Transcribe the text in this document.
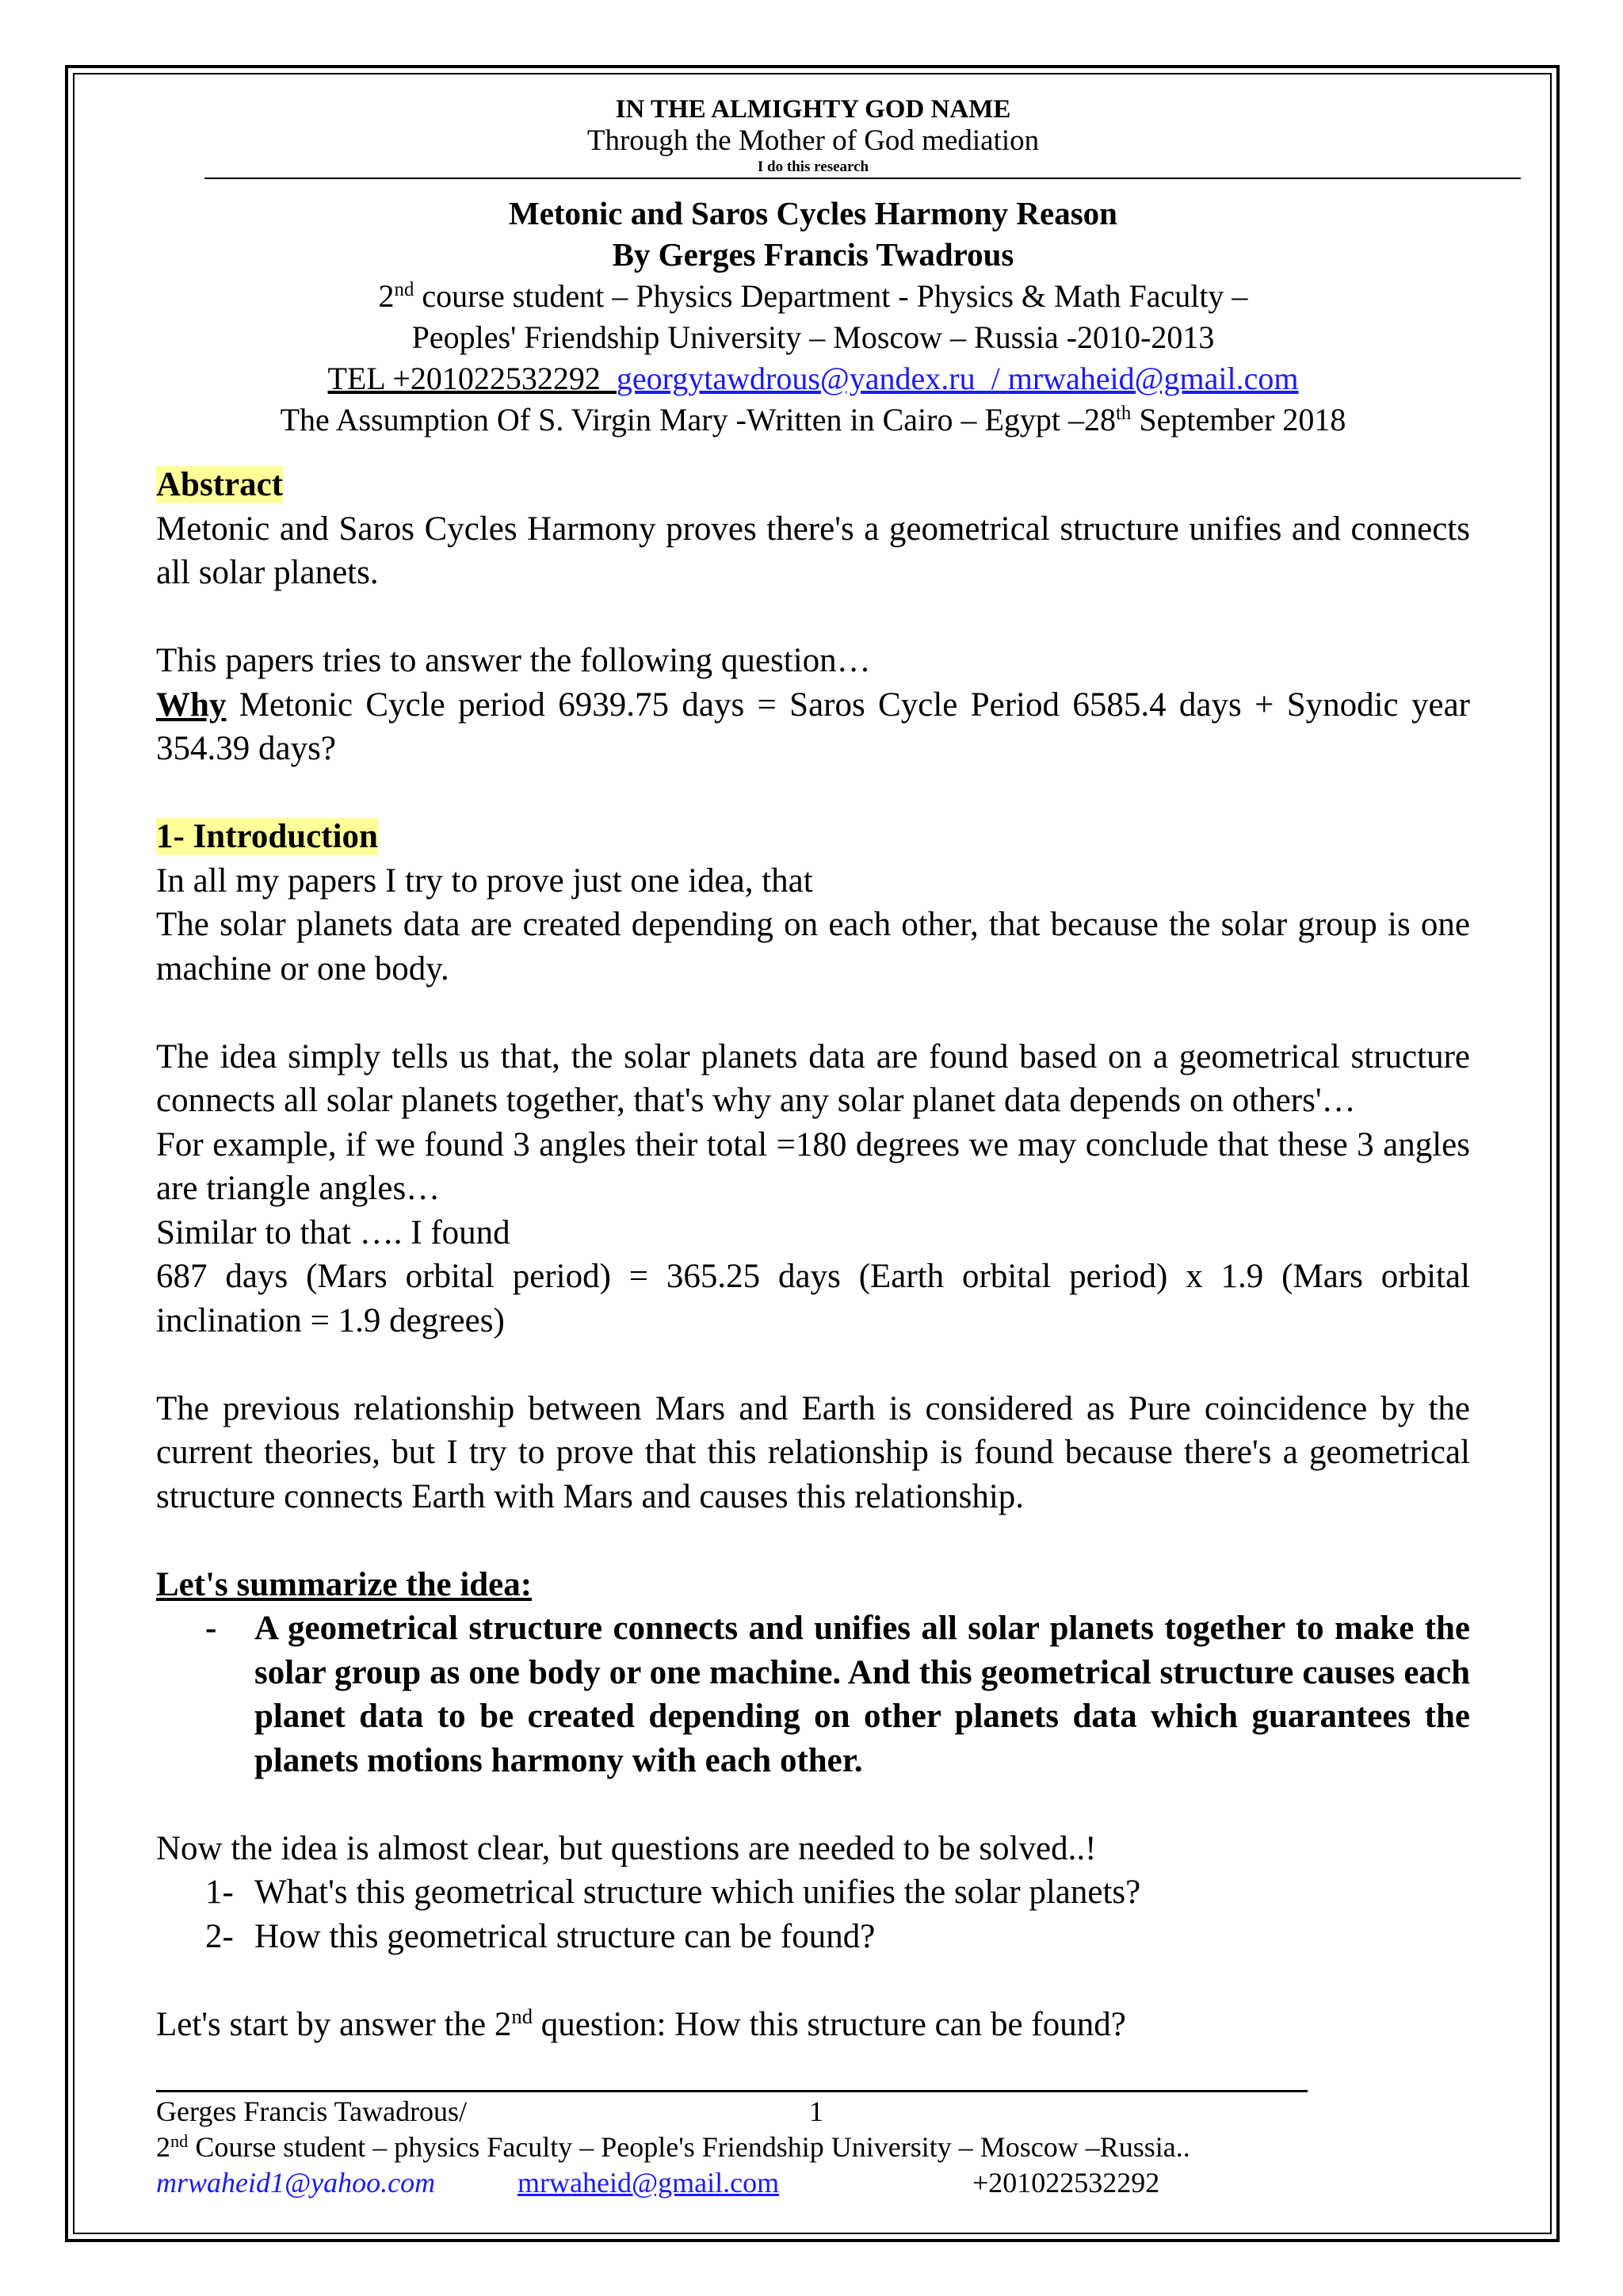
IN THE ALMIGHTY GOD NAME
Through the Mother of God mediation
I do this research
Metonic and Saros Cycles Harmony Reason
By Gerges Francis Twadrous
2nd course student – Physics Department - Physics & Math Faculty –
Peoples' Friendship University – Moscow – Russia -2010-2013
TEL +201022532292 georgytawdrous@yandex.ru / mrwaheid@gmail.com
The Assumption Of S. Virgin Mary -Written in Cairo – Egypt –28th September 2018

Abstract

Metonic and Saros Cycles Harmony proves there's a geometrical structure unifies and connects all solar planets.

This papers tries to answer the following question…

Why Metonic Cycle period 6939.75 days = Saros Cycle Period 6585.4 days + Synodic year 354.39 days?

1- Introduction

In all my papers I try to prove just one idea, that

The solar planets data are created depending on each other, that because the solar group is one machine or one body.

The idea simply tells us that, the solar planets data are found based on a geometrical structure connects all solar planets together, that's why any solar planet data depends on others'…

For example, if we found 3 angles their total =180 degrees we may conclude that these 3 angles are triangle angles…

Similar to that …. I found

687 days (Mars orbital period) = 365.25 days (Earth orbital period) x 1.9 (Mars orbital inclination = 1.9 degrees)

The previous relationship between Mars and Earth is considered as Pure coincidence by the current theories, but I try to prove that this relationship is found because there's a geometrical structure connects Earth with Mars and causes this relationship.

Let's summarize the idea:

- A geometrical structure connects and unifies all solar planets together to make the solar group as one body or one machine. And this geometrical structure causes each planet data to be created depending on other planets data which guarantees the planets motions harmony with each other.

Now the idea is almost clear, but questions are needed to be solved..!

1- What's this geometrical structure which unifies the solar planets?
2- How this geometrical structure can be found?

Let's start by answer the 2nd question: How this structure can be found?

Gerges Francis Tawadrous/	1
2nd Course student – physics Faculty – People's Friendship University – Moscow –Russia..
mrwaheid1@yahoo.com	mrwaheid@gmail.com	+201022532292
